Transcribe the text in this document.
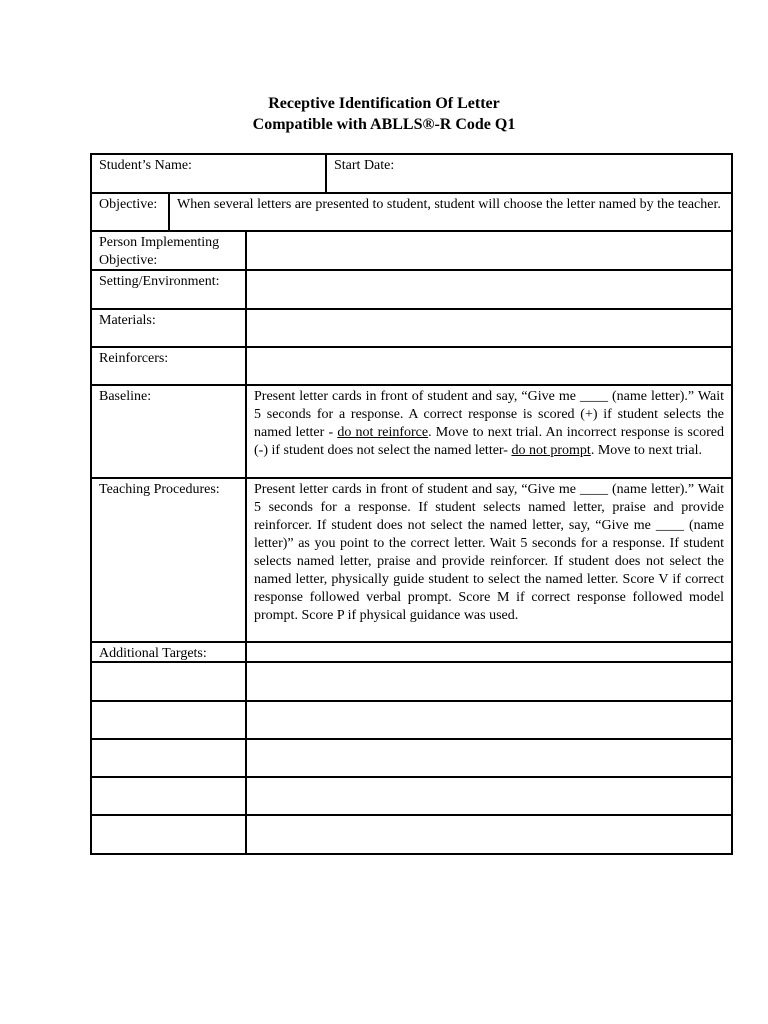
Receptive Identification Of Letter
Compatible with ABLLS®-R Code Q1
Student’s Name:	Start Date:
Objective:	When several letters are presented to student, student will choose the letter named by the teacher.
Person Implementing Objective:
Setting/Environment:
Materials:
Reinforcers:
Baseline:	Present letter cards in front of student and say, “Give me ____ (name letter).” Wait 5 seconds for a response. A correct response is scored (+) if student selects the named letter - do not reinforce. Move to next trial. An incorrect response is scored (-) if student does not select the named letter- do not prompt. Move to next trial.
Teaching Procedures:	Present letter cards in front of student and say, “Give me ____ (name letter).” Wait 5 seconds for a response. If student selects named letter, praise and provide reinforcer. If student does not select the named letter, say, “Give me ____ (name letter)” as you point to the correct letter. Wait 5 seconds for a response. If student selects named letter, praise and provide reinforcer. If student does not select the named letter, physically guide student to select the named letter. Score V if correct response followed verbal prompt. Score M if correct response followed model prompt. Score P if physical guidance was used.
Additional Targets:
